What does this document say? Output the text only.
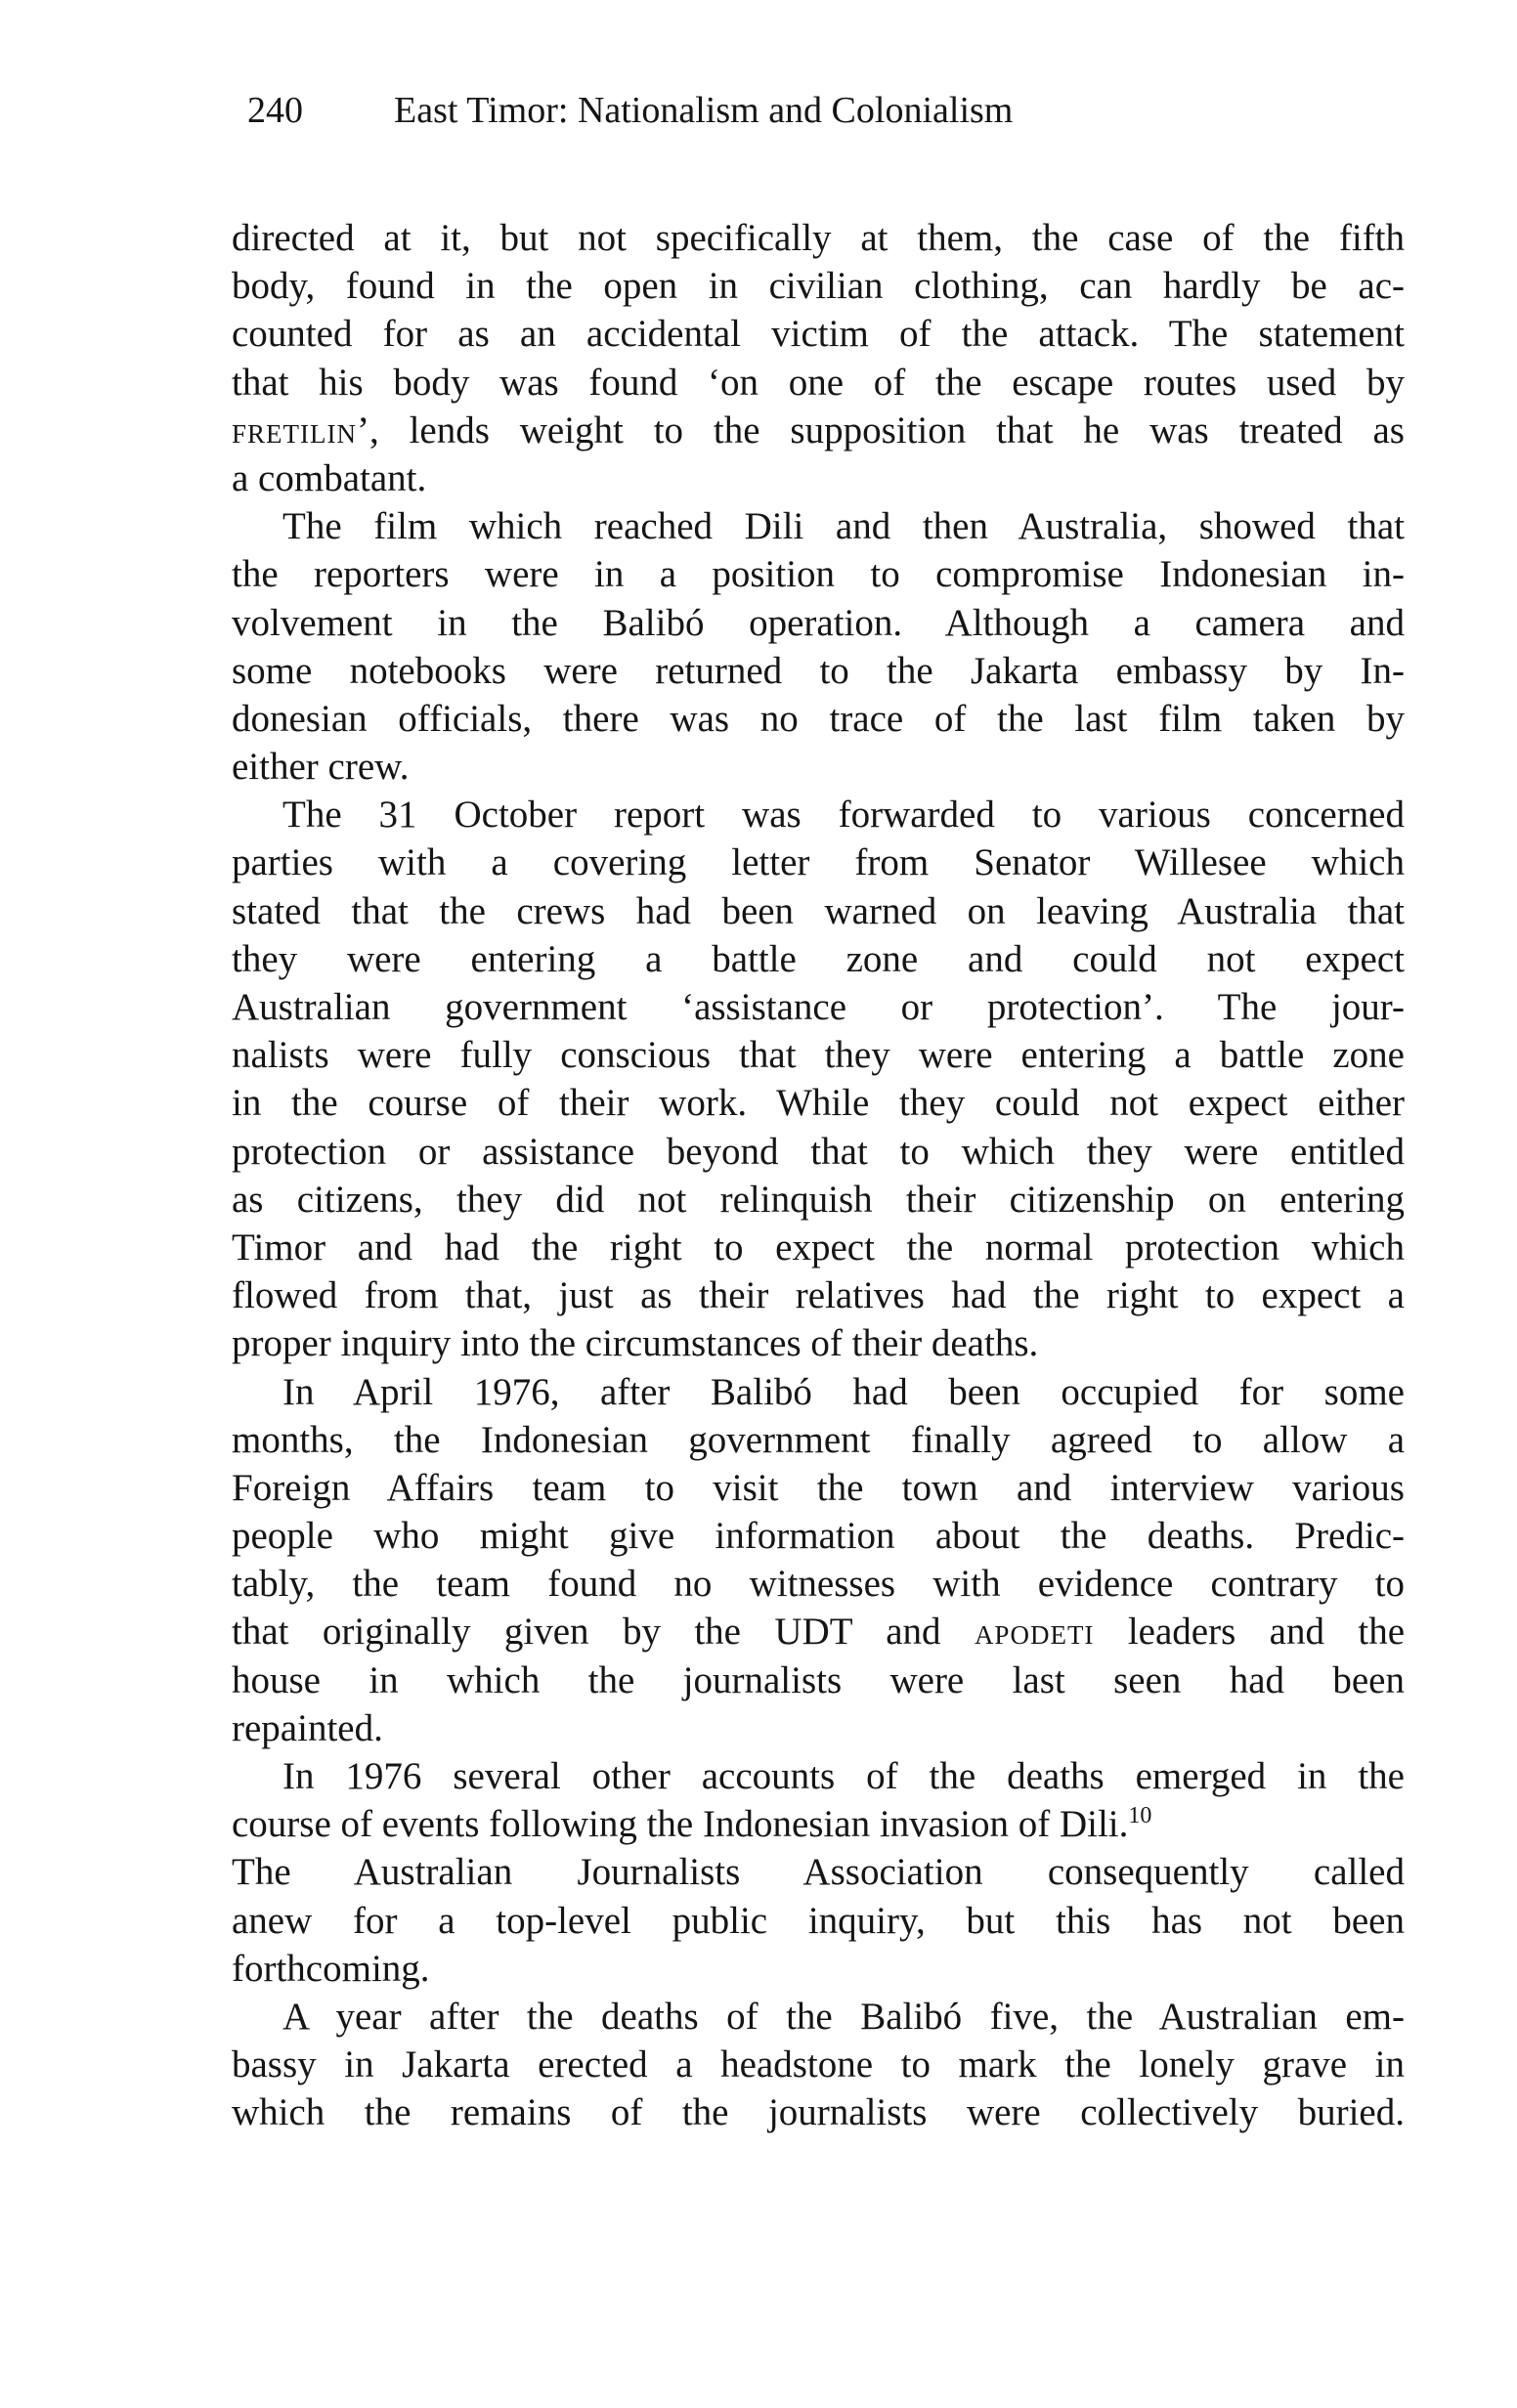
240 East Timor: Nationalism and Colonialism
directed at it, but not specifically at them, the case of the fifth
body, found in the open in civilian clothing, can hardly be ac-
counted for as an accidental victim of the attack. The statement
that his body was found ‘on one of the escape routes used by
fretilin’, lends weight to the supposition that he was treated as
a combatant.
The film which reached Dili and then Australia, showed that
the reporters were in a position to compromise Indonesian in-
volvement in the Balibó operation. Although a camera and
some notebooks were returned to the Jakarta embassy by In-
donesian officials, there was no trace of the last film taken by
either crew.
The 31 October report was forwarded to various concerned
parties with a covering letter from Senator Willesee which
stated that the crews had been warned on leaving Australia that
they were entering a battle zone and could not expect
Australian government ‘assistance or protection’. The jour-
nalists were fully conscious that they were entering a battle zone
in the course of their work. While they could not expect either
protection or assistance beyond that to which they were entitled
as citizens, they did not relinquish their citizenship on entering
Timor and had the right to expect the normal protection which
flowed from that, just as their relatives had the right to expect a
proper inquiry into the circumstances of their deaths.
In April 1976, after Balibó had been occupied for some
months, the Indonesian government finally agreed to allow a
Foreign Affairs team to visit the town and interview various
people who might give information about the deaths. Predic-
tably, the team found no witnesses with evidence contrary to
that originally given by the UDT and apodeti leaders and the
house in which the journalists were last seen had been
repainted.
In 1976 several other accounts of the deaths emerged in the
course of events following the Indonesian invasion of Dili.$^{10}$
The Australian Journalists Association consequently called
anew for a top-level public inquiry, but this has not been
forthcoming.
A year after the deaths of the Balibó five, the Australian em-
bassy in Jakarta erected a headstone to mark the lonely grave in
which the remains of the journalists were collectively buried.
